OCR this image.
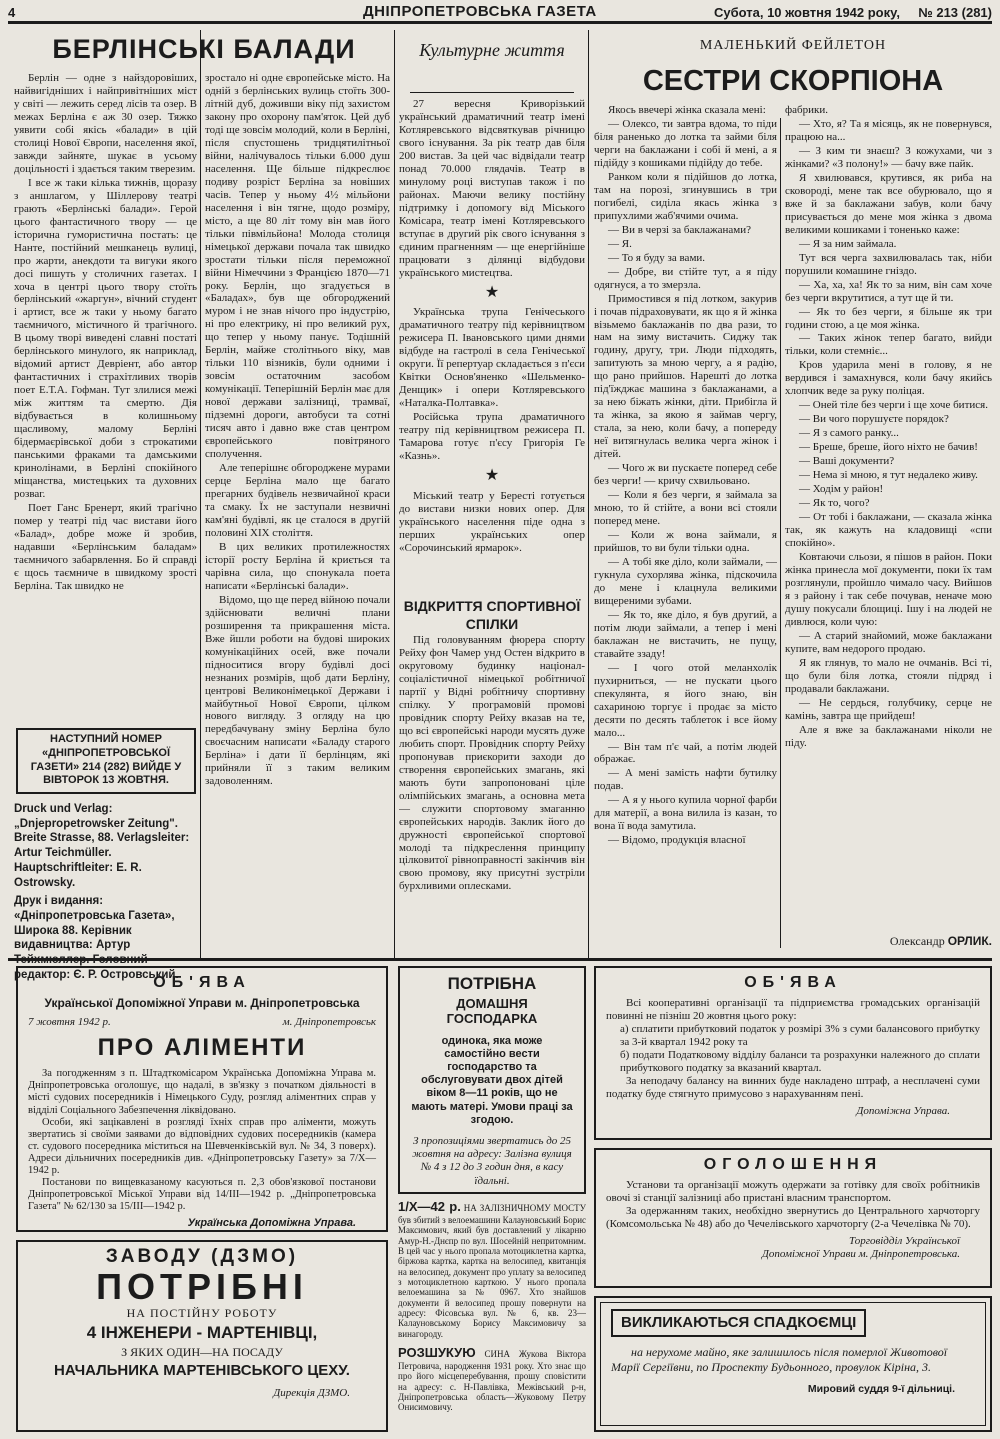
4	ДНІПРОПЕТРОВСЬКА ГАЗЕТА	Субота, 10 жовтня 1942 року, № 213 (281)
БЕРЛІНСЬКІ БАЛАДИ

Берлін — одне з найздоровіших, найвигідніших і найпривітніших міст у світі — лежить серед лісів та озер. В межах Берліна є аж 30 озер. Тяжко уявити собі якісь «балади» в цій столиці Нової Європи, населення якої, завжди зайняте, шукає в усьому доцільності і здається таким тверезим.

І все ж таки кілька тижнів, щоразу з аншлагом, у Шіллерову театрі грають «Берлінські балади». Герой цього фантастичного твору — це історична гумористична постать: це Нанте, постійний мешканець вулиці, про жарти, анекдоти та вигуки якого досі пишуть у столичних газетах. І хоча в центрі цього твору стоїть берлінський «жаргун», вічний студент і артист, все ж таки у ньому багато таємничого, містичного й трагічного. В цьому творі виведені славні постаті берлінського минулого, як наприклад, відомий артист Девріент, або автор фантастичних і страхітливих творів поет Е.Т.А. Гофман. Тут злилися межі між життям та смертю. Дія відбувається в колишньому щасливому, малому Берліні бідермаєрівської доби з строкатими панськими фраками та дамськими кринолінами, в Берліні спокійного міщанства, мистецьких та духовних розваг.

Поет Ганс Бренерт, який трагічно помер у театрі під час вистави його «Балад», добре може й зробив, надавши «Берлінським баладам» таємничого забарвлення. Бо й справді є щось таємниче в швидкому зрості Берліна. Так швидко не

зростало ні одне європейське місто. На одній з берлінських вулиць стоїть 300-літній дуб, доживши віку під захистом закону про охорону пам'яток. Цей дуб тоді ще зовсім молодий, коли в Берліні, після спустошень тридцятилітньої війни, налічувалось тільки 6.000 душ населення. Ще більше підкреслює подиву розріст Берліна за новіших часів. Тепер у ньому 4½ мільйони населення і він тягне, щодо розміру, місто, а ще 80 літ тому він мав його тільки півмільйона! Молода столиця німецької держави почала так швидко зростати тільки після переможної війни Німеччини з Францією 1870—71 року. Берлін, що згадується в «Баладах», був ще обгороджений муром і не знав нічого про індустрію, ні про електрику, ні про великий рух, що тепер у ньому панує. Тодішній Берлін, майже столітнього віку, мав тільки 110 візників, були одними і зовсім остаточним засобом комунікації. Теперішній Берлін має для нової держави залізниці, трамваї, підземні дороги, автобуси та сотні тисяч авто і давно вже став центром європейського повітряного сполучення.

Але теперішнє обгороджене мурами серце Берліна мало ще багато прегарних будівель незвичайної краси та смаку. Їх не заступали незвичні кам'яні будівлі, як це сталося в другій половині XIX століття.

В цих великих протилежностях історії росту Берліна й криється та чарівна сила, що спонукала поета написати «Берлінські балади».

Відомо, що ще перед війною почали здійснювати величні плани розширення та прикрашення міста. Вже йшли роботи на будові широких комунікаційних осей, вже почали підноситися вгору будівлі досі незнаних розмірів, щоб дати Берліну, центрові Великонімецької Держави і майбутньої Нової Європи, цілком нового вигляду. З огляду на цю передбачувану зміну Берліна було своєчасним написати «Баладу старого Берліна» і дати її берлінцям, які прийняли її з таким великим задоволенням.

НАСТУПНИЙ НОМЕР «ДНІПРОПЕТРОВСЬКОЇ ГАЗЕТИ» 214 (282) ВИЙДЕ У ВІВТОРОК 13 ЖОВТНЯ.
Druck und Verlag: „Dnjepropetrowsker Zeitung". Breite Strasse, 88. Verlagsleiter: Artur Teichmüller. Hauptschriftleiter: E. R. Ostrowsky.
Друк і видання: «Дніпропетровська Газета», Широка 88. Керівник видавництва: Артур редактор: Є. Р. Островський.
Культурне життя

27 вересня Криворізький український драматичний театр імені Котляревського відсвяткував річницю свого існування. За рік театр дав біля 200 вистав. За цей час відвідали театр понад 70.000 глядачів. Театр в минулому році виступав також і по районах. Маючи велику постійну підтримку і допомогу від Міського Комісара, театр імені Котляревського вступає в другий рік свого існування з єдиним прагненням — ще енергійніше працювати з ділянці відбудови українського мистецтва.

★

Українська трупа Генічеського драматичного театру під керівництвом режисера П. Івановського цими днями відбуде на гастролі в села Генічеської округи. Її репертуар складається з п'єси Квітки Основ'яненко «Шельменко-Денщик» і опери Котляревського «Наталка-Полтавка».

Російська трупа драматичного театру під керівництвом режисера П. Тамарова готує п'єсу Григорія Ге «Казнь».

★

Міський театр у Бересті готується до вистави низки нових опер. Для українського населення піде одна з перших українських опер «Сорочинський ярмарок».

ВІДКРИТТЯ СПОРТИВНОЇ СПІЛКИ

Під головуванням фюрера спорту Рейху фон Чамер унд Остен відкрито в округовому будинку націонал-соціалістичної німецької робітничої партії у Відні робітничу спортивну спілку. У програмовій промові провідник спорту Рейху вказав на те, що всі європейські народи мусять дуже любить спорт. Провідник спорту Рейху пропонував приєкорити заходи до створення європейських змагань, які мають бути запропоновані ціле олімпійських змагань, а основна мета — служити спортовому змаганню європейських народів. Заклик його до дружності європейської спортової молоді та підкреслення принципу цілковитої рівноправності закінчив він свою промову, яку присутні зустріли бурхливими оплесками.

МАЛЕНЬКИЙ ФЕЙЛЕТОН
СЕСТРИ СКОРПІОНА

Якось ввечері жінка сказала мені:

— Олексо, ти завтра вдома, то піди біля раненько до лотка та займи біля черги на баклажани і собі й мені, а я підійду з кошиками підійду до тебе.

Ранком коли я підійшов до лотка, там на порозі, згинувшись в три погибелі, сиділа якась жінка з припухлими жаб'ячими очима.

— Ви в черзі за баклажанами?

— Я.

— То я буду за вами.

— Добре, ви стійте тут, а я піду одягнуся, а то змерзла.

Примостився я під лотком, закурив і почав підраховувати, як що я й жінка візьмемо баклажанів по два рази, то нам на зиму вистачить. Сиджу так годину, другу, три. Люди підходять, запитують за мною чергу, а я радію, що рано прийшов. Нарешті до лотка під'їжджає машина з баклажанами, а за нею біжать жінки, діти. Прибігла й та жінка, за якою я займав чергу, стала, за нею, коли бачу, а попереду неї витягнулась велика черга жінок і дітей.

— Чого ж ви пускаєте поперед себе без черги! — кричу схвильовано.

— Коли я без черги, я займала за мною, то й стійте, а вони всі стояли поперед мене.

— Коли ж вона займали, я прийшов, то ви були тільки одна.

— А тобі яке діло, коли займали, — гукнула сухорлява жінка, підскочила до мене і клацнула великими вищереними зубами.

— Як то, яке діло, я був другий, а потім люди займали, а тепер і мені баклажан не вистачить, не пущу, ставайте ззаду!

— І чого отой меланхолік пухирниться, — не пускати цього спекулянта, я його знаю, він сахариною торгує і продає за місто десяти по десять таблеток і все йому мало...

— Він там п'є чай, а потім людей ображає.

— А мені замість нафти бутилку подав.

— А я у нього купила чорної фарби для матерії, а вона вилила із казан, то вона її вода замутила.

— Відомо, продукція власної

фабрики.

— Хто, я? Та я місяць, як не повернувся, працюю на...

— З ким ти знаєш? З кожухами, чи з жінками? «З полону!» — бачу вже пайк.

Я хвилювався, крутився, як риба на сковороді, мене так все обурювало, що я вже й за баклажани забув, коли бачу присувається до мене моя жінка з двома великими кошиками і тоненько каже:

— Я за ним займала.

Тут вся черга захвилювалась так, ніби порушили комашине гніздо.

— Ха, ха, ха! Як то за ним, він сам хоче без черги вкрутитися, а тут ще й ти.

— Як то без черги, я більше як три години стою, а це моя жінка.

— Таких жінок тепер багато, вийди тільки, коли стемніє...

Кров ударила мені в голову, я не вердився і замахнувся, коли бачу якийсь хлопчик веде за руку поліцая.

— Оней тіле без черги і ще хоче битися.

— Ви чого порушуєте порядок?

— Я з самого ранку...

— Бреше, бреше, його ніхто не бачив!

— Ваші документи?

— Нема зі мною, я тут недалеко живу.

— Ходім у район!

— Як то, чого?

— От тобі і баклажани, — сказала жінка так, як кажуть на кладовищі «спи спокійно».

Ковтаючи сльози, я пішов в район. Поки жінка принесла мої документи, поки їх там розглянули, пройшло чимало часу. Вийшов я з району і так себе почував, неначе мою душу покусали блощиці. Ішу і на людей не дивлюся, коли чую:

— А старий знайомий, може баклажани купите, вам недорого продаю.

Я як глянув, то мало не очманів. Всі ті, що були біля лотка, стояли підряд і продавали баклажани.

— Не сердься, голубчику, серце не камінь, завтра ще прийдеш!

Але я вже за баклажанами ніколи не піду.

Олександр ОРЛИК.
ОБ'ЯВА
Української Допоміжної Управи м. Дніпропетровська
7 жовтня 1942 р.	м. Дніпропетровськ
ПРО АЛІМЕНТИ

За погодженням з п. Штадткомісаром Українська Допоміжна Управа м. Дніпропетровська оголошує, що надалі, в зв'язку з початком діяльності в місті судових посередників і Німецького Суду, розгляд аліментних справ у відділі Соціального Забезпечення ліквідовано.

Особи, які зацікавлені в розгляді їхніх справ про аліменти, можуть звертатись зі своїми заявами до відповідних судових посередників (камера ст. судового посередника міститься на Шевченківській вул. № 34, 3 поверх). Адреси дільничних посередників див. «Дніпропетровську Газету» за 7/Х—1942 р.

Постанови по вищевказаному касуються п. 2,3 обов'язкової постанови Дніпропетровської Міської Управи від 14/ІІІ—1942 р. „Дніпропетровська Газета" № 62/130 за 15/ІІІ—1942 р.

Українська Допоміжна Управа.
ЗАВОДУ (ДЗМО)
ПОТРІБНІ
НА ПОСТІЙНУ РОБОТУ
4 ІНЖЕНЕРИ - МАРТЕНІВЦІ,
З ЯКИХ ОДИН—НА ПОСАДУ
НАЧАЛЬНИКА МАРТЕНІВСЬКОГО ЦЕХУ.
Дирекція ДЗМО.
ПОТРІБНА
ДОМАШНЯ ГОСПОДАРКА
одинока, яка може самостійно вести господарство та обслуговувати двох дітей віком 8—11 років, що не мають матері. Умови праці за згодою.
З пропозиціями звертатись до 25 жовтня на адресу: Залізна вулиця № 4 з 12 до 3 годин дня, в касу їдальні.
1/X—42 р. НА ЗАЛІЗНИЧНОМУ МОСТУ був збитий з велоемашини Калауновський Борис Максимович, який був доставлений у лікарню Амур-Н.-Днєпр по вул. Шосейній непритомним. В цей час у нього пропала мотоциклетна картка, біржова картка, картка на велосипед, квитанція на велосипед, документ про уплату за велосипед з мотоциклетною карткою. У нього пропала велоемашина за № 0967. Хто знайшов документи й велосипед прошу повернути на адресу: Фісовська вул. № 6, кв. 23—Калауновському Борису Максимовичу за винагороду.
РОЗШУКУЮ СИНА Жукова Віктора Петровича, народження 1931 року. Хто знає що про його місцеперебування, прошу сповістити на адресу: с. Н-Павлівка, Межівський р-н, Дніпропетровська область—Жуковому Петру Онисимовичу.
ОБ'ЯВА

Всі кооперативні організації та підприємства громадських організацій повинні не пізніш 20 жовтня цього року:

а) сплатити прибутковий податок у розмірі 3% з суми балансового прибутку за 3-й квартал 1942 року та

б) подати Податковому відділу баланси та розрахунки належного до сплати прибуткового податку за вказаний квартал.

За неподачу балансу на винних буде накладено штраф, а несплачені суми податку буде стягнуто примусово з нарахуванням пені.

Допоміжна Управа.
ОГОЛОШЕННЯ

Установи та організації можуть одержати за готівку для своїх робітників овочі зі станції залізниці або пристані власним транспортом.

За одержанням таких, необхідно звернутись до Центрального харчоторгу (Комсомольська № 48) або до Чечелівського харчоторгу (2-а Чечелівка № 70).

Торговідділ Української
Допоміжної Управи м. Дніпропетровська.
ВИКЛИКАЮТЬСЯ СПАДКОЄМЦІ
на нерухоме майно, яке залишилось після померлої Животової Марії Сергіївни, по Проспекту Будьонного, провулок Кіріна, 3.
Мировий суддя 9-ї дільниці.
